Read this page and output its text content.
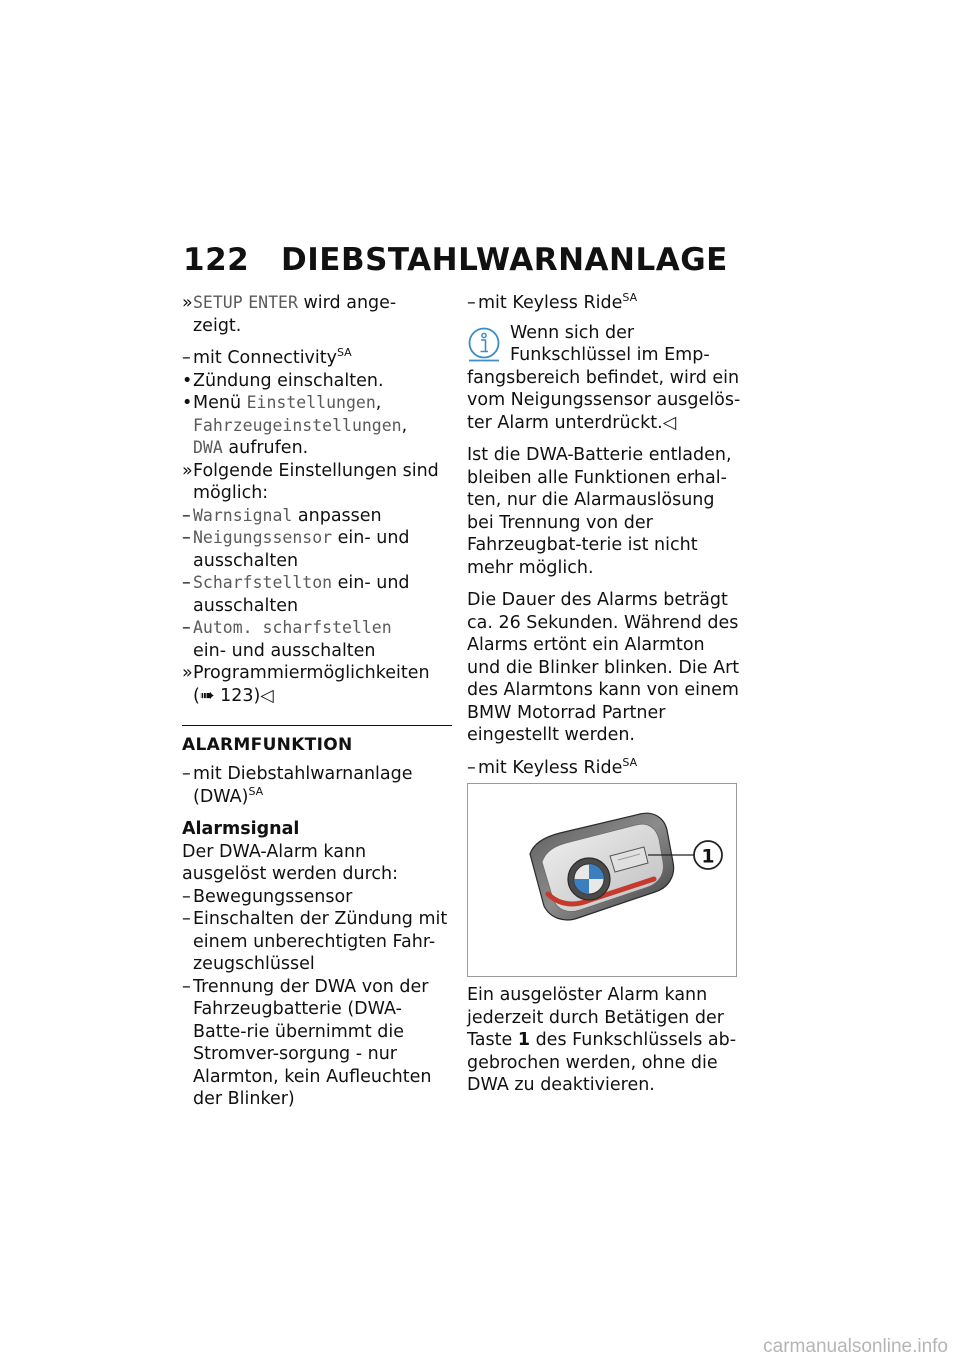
122 DIEBSTAHLWARNANLAGE
» SETUP ENTER wird ange-
zeigt.
– mit Connectivity$^{SA}$
• Zündung einschalten.
• Menü Einstellungen,
Fahrzeugeinstellungen,
DWA aufrufen.
» Folgende Einstellungen sind
möglich:
– Warnsignal anpassen
– Neigungssensor ein- und
ausschalten
– Scharfstellton ein- und
ausschalten
– Autom. scharfstellen
ein- und ausschalten
» Programmiermöglichkeiten
(➠ 123)◁
ALARMFUNKTION
– mit Diebstahlwarnanlage
(DWA)$^{SA}$
Alarmsignal

Der DWA-Alarm kann ausgelöst werden durch:

– Bewegungssensor
– Einschalten der Zündung mit einem unberechtigten Fahr-zeugschlüssel
– Trennung der DWA von der Fahrzeugbatterie (DWA-Batte-rie übernimmt die Stromver-sorgung - nur Alarmton, kein Aufleuchten der Blinker)
– mit Keyless Ride$^{SA}$
Wenn sich der
Funkschlüssel im Emp-
fangsbereich befindet, wird ein vom Neigungssensor ausgelös-ter Alarm unterdrückt.◁

Ist die DWA-Batterie entladen, bleiben alle Funktionen erhal-ten, nur die Alarmauslösung bei Trennung von der Fahrzeugbat-terie ist nicht mehr möglich.

Die Dauer des Alarms beträgt ca. 26 Sekunden. Während des Alarms ertönt ein Alarmton und die Blinker blinken. Die Art des Alarmtons kann von einem BMW Motorrad Partner eingestellt werden.

– mit Keyless Ride$^{SA}$
1

Ein ausgelöster Alarm kann jederzeit durch Betätigen der Taste 1 des Funkschlüssels ab-gebrochen werden, ohne die DWA zu deaktivieren.

carmanualsonline.info
